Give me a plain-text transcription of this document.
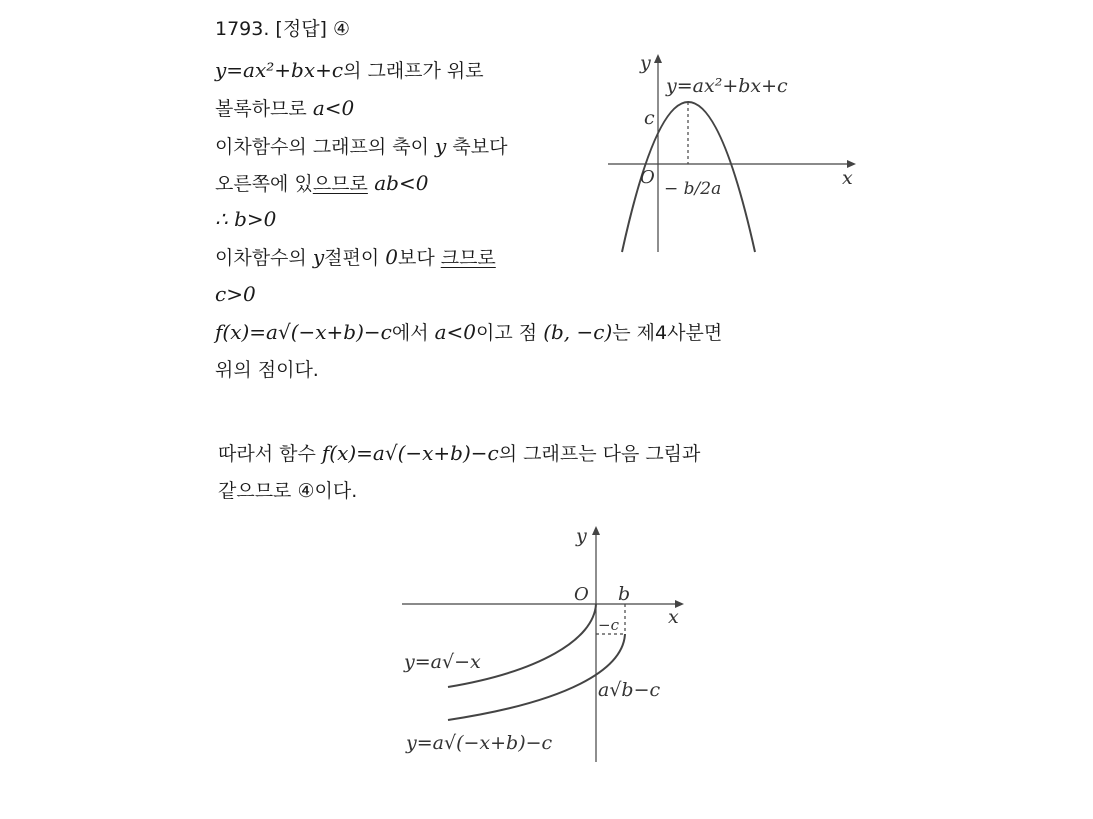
1793. [정답] ④
y=ax²+bx+c의 그래프가 위로
볼록하므로 a<0
이차함수의 그래프의 축이 y 축보다
오른쪽에 있으므로 ab<0
∴ b>0
이차함수의 y절편이 0보다 크므로
c>0
f(x)=a√(−x+b)−c에서 a<0이고 점 (b, −c)는 제4사분면
위의 점이다.
따라서 함수 f(x)=a√(−x+b)−c의 그래프는 다음 그림과
같으므로 ④이다.
y
x
O
y=ax²+bx+c
c
− b/2a
y
x
O b
−c
y=a√−x
a√b−c
y=a√(−x+b)−c
